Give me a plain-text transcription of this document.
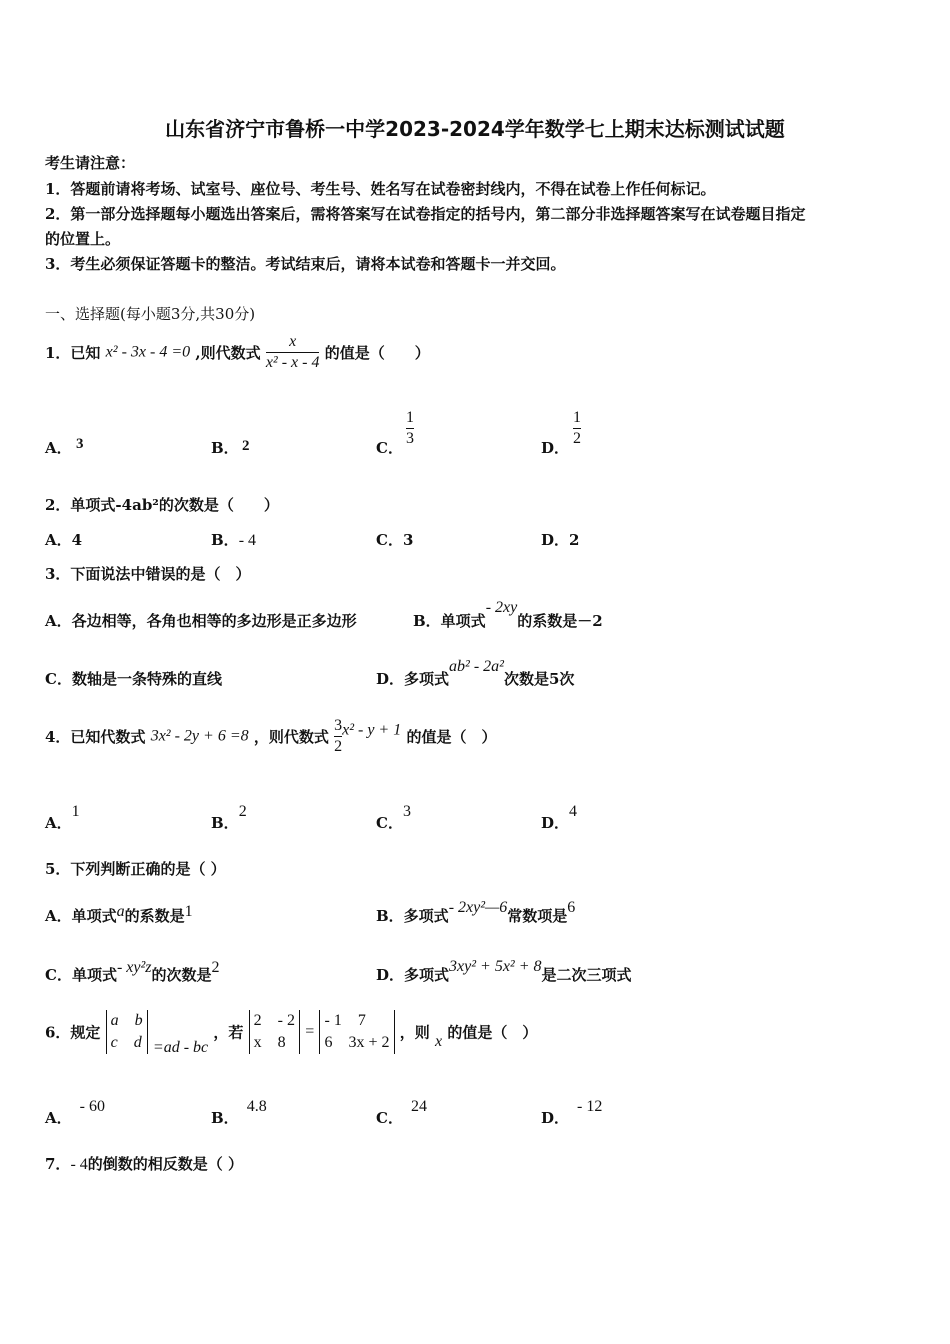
山东省济宁市鲁桥一中学2023-2024学年数学七上期末达标测试试题
考生请注意：
1．答题前请将考场、试室号、座位号、考生号、姓名写在试卷密封线内，不得在试卷上作任何标记。
2．第一部分选择题每小题选出答案后，需将答案写在试卷指定的括号内，第二部分非选择题答案写在试卷题目指定
的位置上。
3．考生必须保证答题卡的整洁。考试结束后，请将本试卷和答题卡一并交回。
一、选择题(每小题3分,共30分)
1．已知 x² - 3x - 4 =0 ,则代数式 $\frac{x}{\text{x² - x - 4}}$ 的值是（　　）
A． 3	B． 2	C． $\frac{1}{3}$	D． $\frac{1}{2}$
2．单项式-4ab²的次数是（　　）
A．4	B．- 4	C．3	D．2
3．下面说法中错误的是（　）
A．各边相等，各角也相等的多边形是正多边形	B．单项式- 2xy的系数是－2
C．数轴是一条特殊的直线	D．多项式ab² - 2a²次数是5次
4．已知代数式 3x² - 2y + 6 =8 ，则代数式 $\frac{3}{2} x^2 - y + 1$ 的值是（　）
A．1
B．2
C．3
D．4
5．下列判断正确的是（ ）
A．单项式a的系数是1	B．多项式- 2xy²—6常数项是6
C．单项式- xy²z的次数是2	D．多项式3xy² + 5x² + 8是二次三项式
6．规定
a　b
c　d =ad - bc ，若
2　- 2
x　8
=
- 1　7
6　3x + 2
，则 x 的值是（　）
A．- 60
B．4.8
C．24
D．- 12
7．- 4的倒数的相反数是（ ）
